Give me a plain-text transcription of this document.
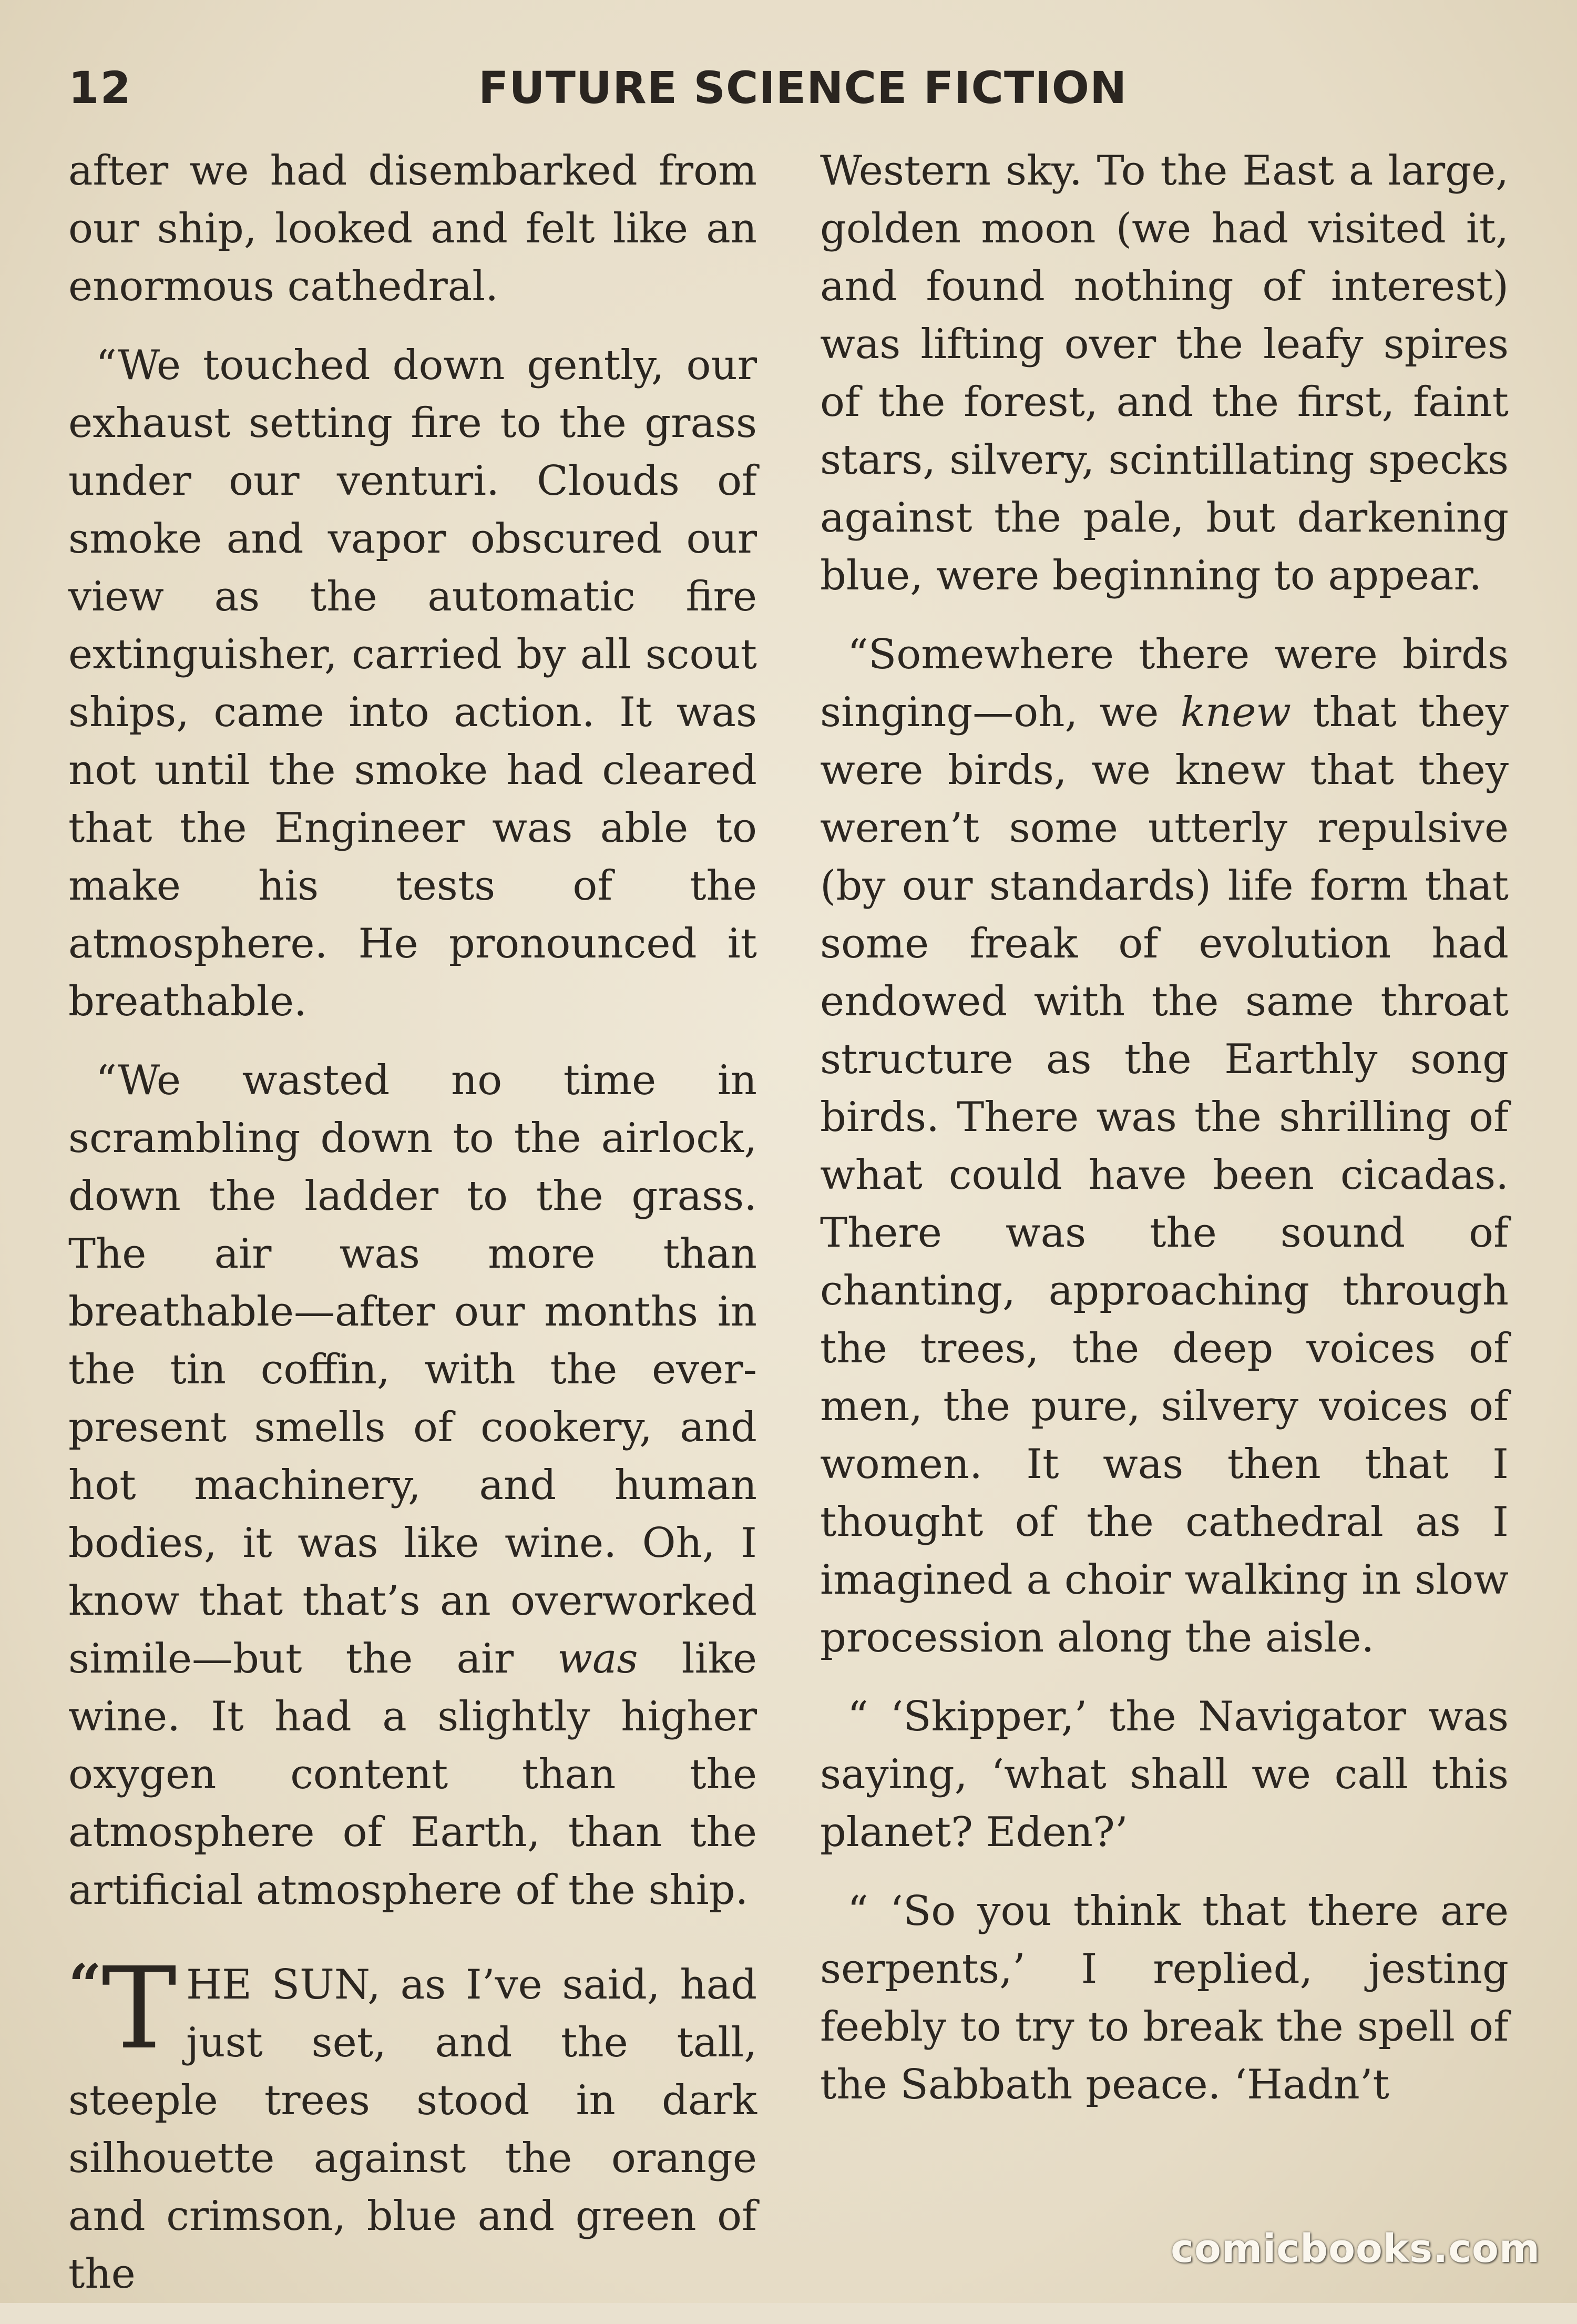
12	FUTURE SCIENCE FICTION

after we had disembarked from our ship, looked and felt like an enormous cathedral.

“We touched down gently, our exhaust setting fire to the grass under our venturi. Clouds of smoke and vapor obscured our view as the automatic fire extinguisher, carried by all scout ships, came into action. It was not until the smoke had cleared that the Engineer was able to make his tests of the atmosphere. He pronounced it breathable.

“We wasted no time in scrambling down to the airlock, down the ladder to the grass. The air was more than breathable—after our months in the tin coffin, with the ever-present smells of cookery, and hot machinery, and human bodies, it was like wine. Oh, I know that that’s an overworked simile—but the air was like wine. It had a slightly higher oxygen content than the atmosphere of Earth, than the artificial atmosphere of the ship.

“T HE SUN, as I’ve said, had just set, and the tall, steeple trees stood in dark silhouette against the orange and crimson, blue and green of the

Western sky. To the East a large, golden moon (we had visited it, and found nothing of interest) was lifting over the leafy spires of the forest, and the first, faint stars, silvery, scintillating specks against the pale, but darkening blue, were beginning to appear.

“Somewhere there were birds singing—oh, we knew that they were birds, we knew that they weren’t some utterly repulsive (by our standards) life form that some freak of evolution had endowed with the same throat structure as the Earthly song birds. There was the shrilling of what could have been cicadas. There was the sound of chanting, approaching through the trees, the deep voices of men, the pure, silvery voices of women. It was then that I thought of the cathedral as I imagined a choir walking in slow procession along the aisle.

“ ‘Skipper,’ the Navigator was saying, ‘what shall we call this planet? Eden?’

“ ‘So you think that there are serpents,’ I replied, jesting feebly to try to break the spell of the Sabbath peace. ‘Hadn’t

comicbooks.com
